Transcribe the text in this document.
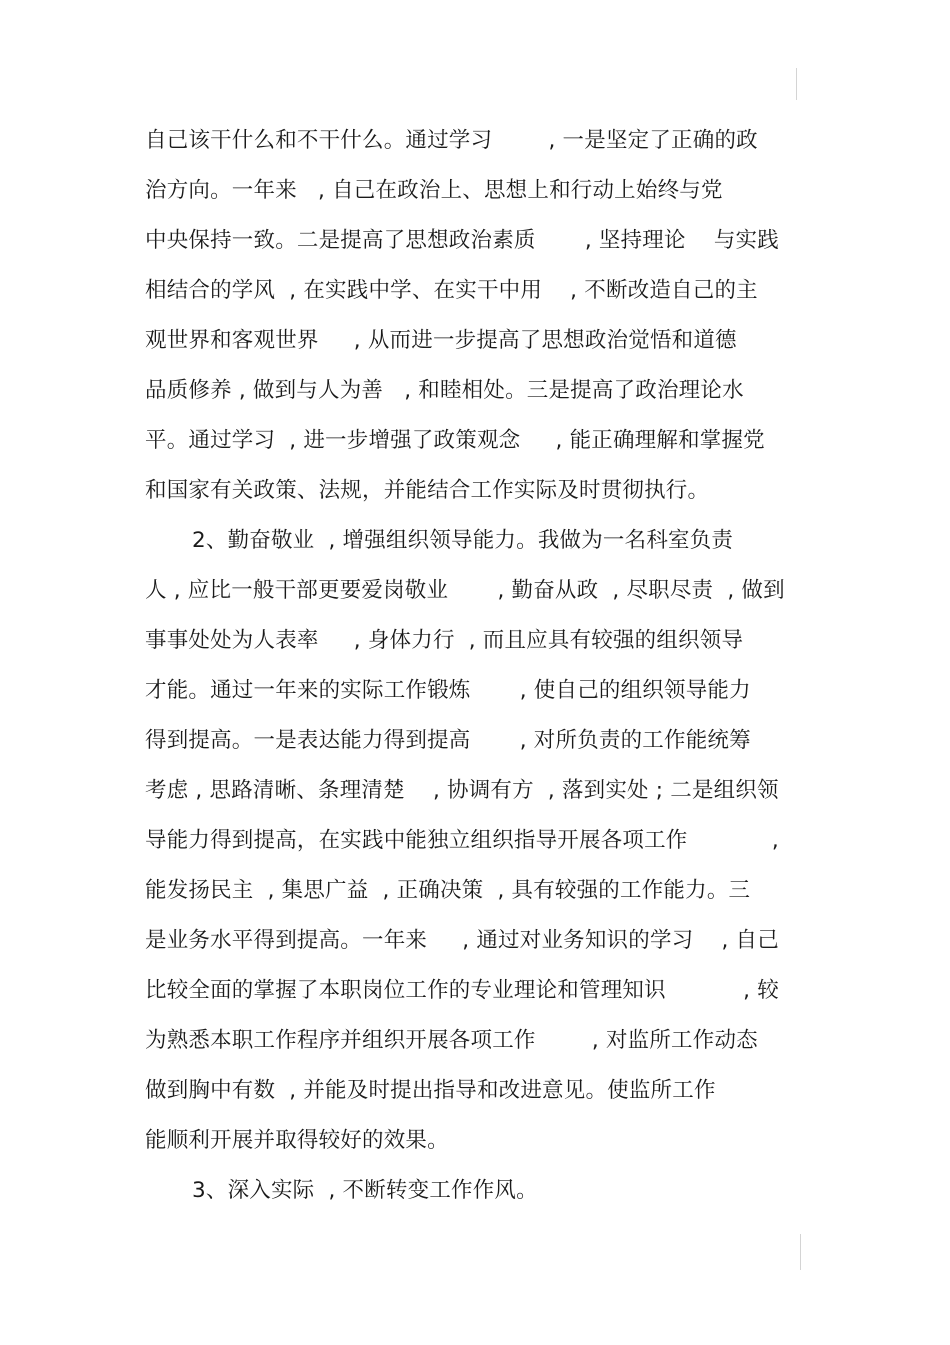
自己该干什么和不干什么。通过学习        , 一是坚定了正确的政
治方向。一年来   , 自己在政治上、思想上和行动上始终与党
中央保持一致。二是提高了思想政治素质       , 坚持理论    与实践
相结合的学风  , 在实践中学、在实干中用    , 不断改造自己的主
观世界和客观世界     , 从而进一步提高了思想政治觉悟和道德
品质修养 , 做到与人为善   , 和睦相处。三是提高了政治理论水
平。通过学习  , 进一步增强了政策观念     , 能正确理解和掌握党
和国家有关政策、法规，并能结合工作实际及时贯彻执行。
2、勤奋敬业  , 增强组织领导能力。我做为一名科室负责
人 , 应比一般干部更要爱岗敬业       , 勤奋从政  , 尽职尽责  , 做到
事事处处为人表率     , 身体力行  , 而且应具有较强的组织领导
才能。通过一年来的实际工作锻炼       , 使自己的组织领导能力
得到提高。一是表达能力得到提高       , 对所负责的工作能统筹
考虑 , 思路清晰、条理清楚    , 协调有方  , 落到实处 ; 二是组织领
导能力得到提高，在实践中能独立组织指导开展各项工作            ,
能发扬民主  , 集思广益  , 正确决策  , 具有较强的工作能力。三
是业务水平得到提高。一年来     , 通过对业务知识的学习    , 自己
比较全面的掌握了本职岗位工作的专业理论和管理知识           , 较
为熟悉本职工作程序并组织开展各项工作        , 对监所工作动态
做到胸中有数  , 并能及时提出指导和改进意见。使监所工作
能顺利开展并取得较好的效果。
3、深入实际  , 不断转变工作作风。
